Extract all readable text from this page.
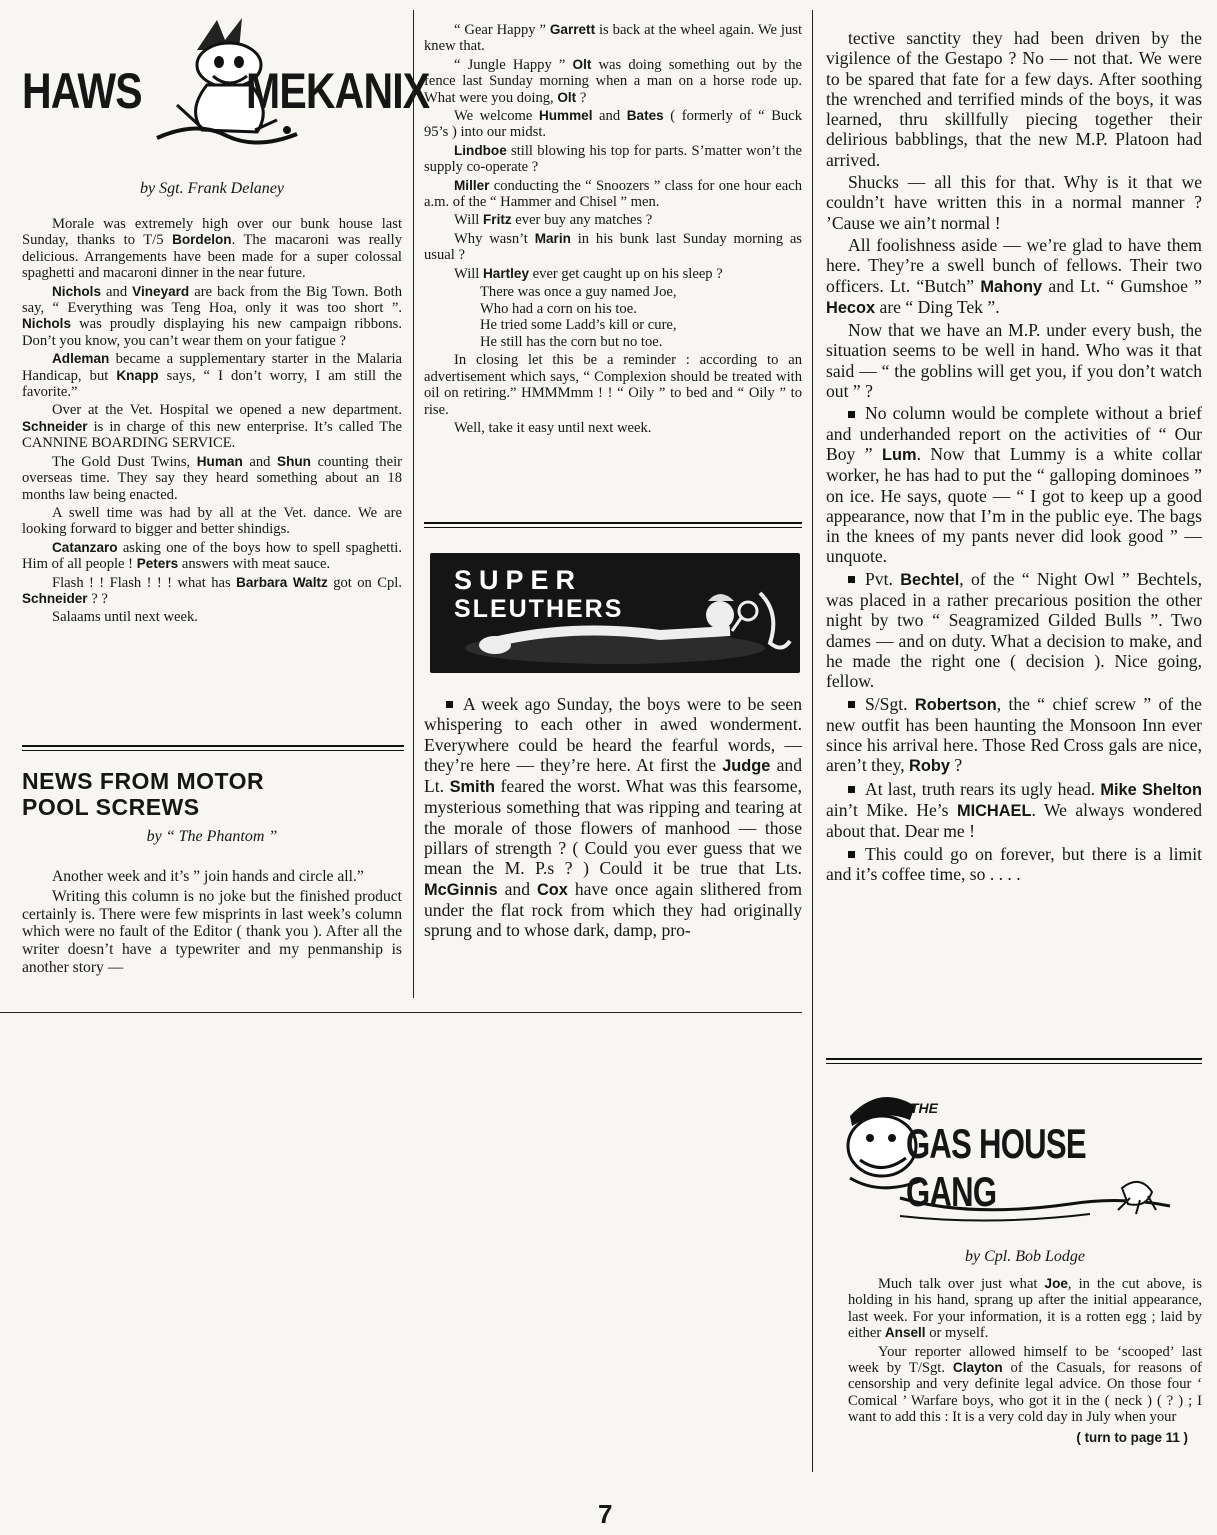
HAWS MEKANIX

by Sgt. Frank Delaney

Morale was extremely high over our bunk house last Sunday, thanks to T/5 Bordelon. The macaroni was really delicious. Arrangements have been made for a super colossal spaghetti and macaroni dinner in the near future.

Nichols and Vineyard are back from the Big Town. Both say, “ Everything was Teng Hoa, only it was too short ”. Nichols was proudly displaying his new campaign ribbons. Don’t you know, you can’t wear them on your fatigue ?

Adleman became a supplementary starter in the Malaria Handicap, but Knapp says, “ I don’t worry, I am still the favorite.”

Over at the Vet. Hospital we opened a new department. Schneider is in charge of this new enterprise. It’s called The CANNINE BOARDING SERVICE.

The Gold Dust Twins, Human and Shun counting their overseas time. They say they heard something about an 18 months law being enacted.

A swell time was had by all at the Vet. dance. We are looking forward to bigger and better shindigs.

Catanzaro asking one of the boys how to spell spaghetti. Him of all people ! Peters answers with meat sauce.

Flash ! ! Flash ! ! ! what has Barbara Waltz got on Cpl. Schneider ? ?

Salaams until next week.

NEWS FROM MOTOR

POOL SCREWS

by “ The Phantom ”

Another week and it’s ” join hands and circle all.”

Writing this column is no joke but the finished product certainly is. There were few misprints in last week’s column which were no fault of the Editor ( thank you ). After all the writer doesn’t have a typewriter and my penmanship is another story —

“ Gear Happy ” Garrett is back at the wheel again. We just knew that.

“ Jungle Happy ” Olt was doing something out by the fence last Sunday morning when a man on a horse rode up. What were you doing, Olt ?

We welcome Hummel and Bates ( formerly of “ Buck 95’s ) into our midst.

Lindboe still blowing his top for parts. S’matter won’t the supply co-operate ?

Miller conducting the “ Snoozers ” class for one hour each a.m. of the “ Hammer and Chisel ” men.

Will Fritz ever buy any matches ?

Why wasn’t Marin in his bunk last Sunday morning as usual ?

Will Hartley ever get caught up on his sleep ?

There was once a guy named Joe,
Who had a corn on his toe.
He tried some Ladd’s kill or cure,
He still has the corn but no toe.

In closing let this be a reminder : according to an advertisement which says, “ Complexion should be treated with oil on retiring.” HMMMmm ! ! “ Oily ” to bed and “ Oily ” to rise.

Well, take it easy until next week.

SUPER
SLEUTHERS

A week ago Sunday, the boys were to be seen whispering to each other in awed wonderment. Everywhere could be heard the fearful words, — they’re here — they’re here. At first the Judge and Lt. Smith feared the worst. What was this fearsome, mysterious something that was ripping and tearing at the morale of those flowers of manhood — those pillars of strength ? ( Could you ever guess that we mean the M. P.s ? ) Could it be true that Lts. McGinnis and Cox have once again slithered from under the flat rock from which they had originally sprung and to whose dark, damp, pro-

tective sanctity they had been driven by the vigilence of the Gestapo ? No — not that. We were to be spared that fate for a few days. After soothing the wrenched and terrified minds of the boys, it was learned, thru skillfully piecing together their delirious babblings, that the new M.P. Platoon had arrived.

Shucks — all this for that. Why is it that we couldn’t have written this in a normal manner ? ’Cause we ain’t normal !

All foolishness aside — we’re glad to have them here. They’re a swell bunch of fellows. Their two officers. Lt. “Butch” Mahony and Lt. “ Gumshoe ” Hecox are “ Ding Tek ”.

Now that we have an M.P. under every bush, the situation seems to be well in hand. Who was it that said — “ the goblins will get you, if you don’t watch out ” ?

No column would be complete without a brief and underhanded report on the activities of “ Our Boy ” Lum. Now that Lummy is a white collar worker, he has had to put the “ galloping dominoes ” on ice. He says, quote — “ I got to keep up a good appearance, now that I’m in the public eye. The bags in the knees of my pants never did look good ” — unquote.

Pvt. Bechtel, of the “ Night Owl ” Bechtels, was placed in a rather precarious position the other night by two “ Seagramized Gilded Bulls ”. Two dames — and on duty. What a decision to make, and he made the right one ( decision ). Nice going, fellow.

S/Sgt. Robertson, the “ chief screw ” of the new outfit has been haunting the Monsoon Inn ever since his arrival here. Those Red Cross gals are nice, aren’t they, Roby ?

At last, truth rears its ugly head. Mike Shelton ain’t Mike. He’s MICHAEL. We always wondered about that. Dear me !

This could go on forever, but there is a limit and it’s coffee time, so . . . .

THE
GAS HOUSE GANG

by Cpl. Bob Lodge

Much talk over just what Joe, in the cut above, is holding in his hand, sprang up after the initial appearance, last week. For your information, it is a rotten egg ; laid by either Ansell or myself.

Your reporter allowed himself to be ‘scooped’ last week by T/Sgt. Clayton of the Casuals, for reasons of censorship and very definite legal advice. On those four ‘ Comical ’ Warfare boys, who got it in the ( neck ) ( ? ) ; I want to add this : It is a very cold day in July when your

( turn to page 11 )

7
